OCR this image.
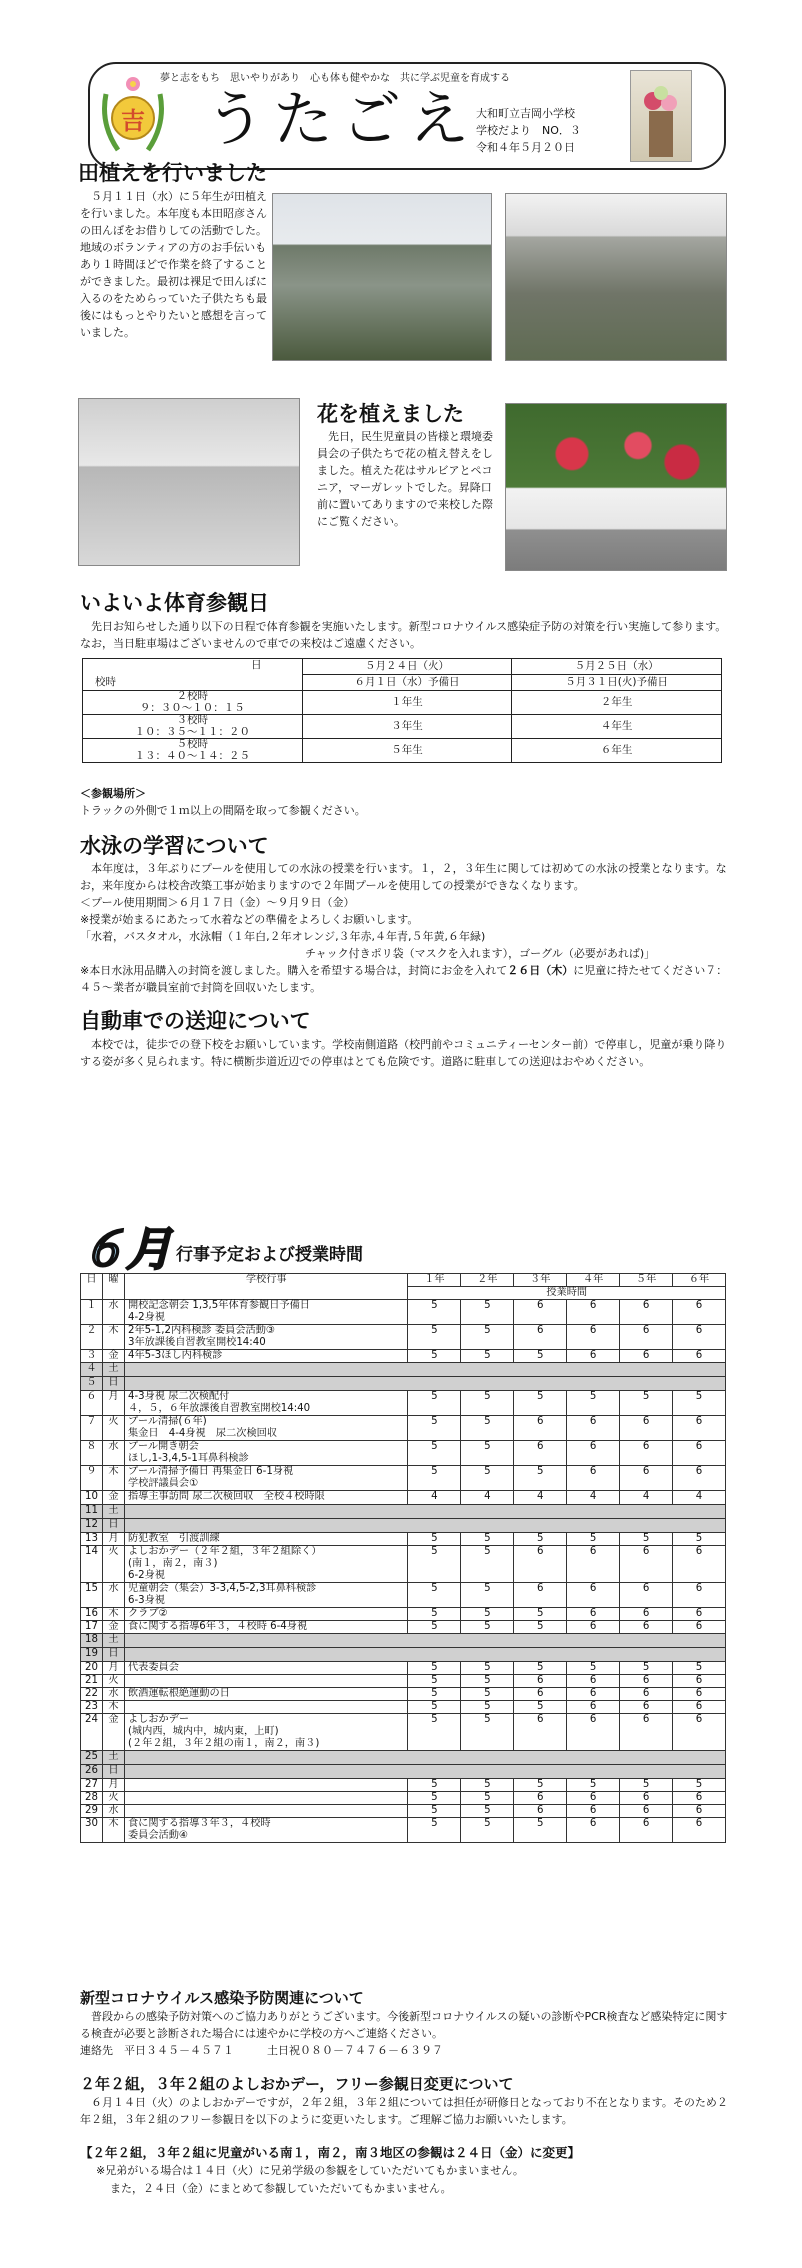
吉
夢と志をもち　思いやりがあり　心も体も健やかな　共に学ぶ児童を育成する
うたごえ 大和町立吉岡小学校
学校だより　NO．３
令和４年５月２０日
田植えを行いました
　５月１１日（水）に５年生が田植えを行いました。本年度も本田昭彦さんの田んぼをお借りしての活動でした。地域のボランティアの方のお手伝いもあり１時間ほどで作業を終了することができました。最初は裸足で田んぼに入るのをためらっていた子供たちも最後にはもっとやりたいと感想を言っていました。
花を植えました
　先日，民生児童員の皆様と環境委員会の子供たちで花の植え替えをしました。植えた花はサルビアとペコニア，マーガレットでした。昇降口前に置いてありますので来校した際にご覧ください。
いよいよ体育参観日
　先日お知らせした通り以下の日程で体育参観を実施いたします。新型コロナウイルス感染症予防の対策を行い実施して参ります。なお，当日駐車場はございませんので車での来校はご遠慮ください。
日
校時	５月２４日（火）	５月２５日（水）
	６月１日（水）予備日	５月３１日(火)予備日

２校時
９：３０～１０：１５	１年生	２年生

３校時
１０：３５～１１：２０	３年生	４年生

５校時
１３：４０～１４：２５	５年生	６年生
＜参観場所＞
トラックの外側で１ｍ以上の間隔を取って参観ください。
水泳の学習について
　本年度は，３年ぶりにプールを使用しての水泳の授業を行います。１，２，３年生に関しては初めての水泳の授業となります。なお，来年度からは校舎改築工事が始まりますので２年間プールを使用しての授業ができなくなります。
＜プール使用期間＞６月１７日（金）～９月９日（金）
※授業が始まるにあたって水着などの準備をよろしくお願いします。
「水着，バスタオル，水泳帽（１年白,２年オレンジ,３年赤,４年青,５年黄,６年緑)
チャック付きポリ袋（マスクを入れます），ゴーグル（必要があれば)」
※本日水泳用品購入の封筒を渡しました。購入を希望する場合は，封筒にお金を入れて２６日（木）に児童に持たせてください７：４５～業者が職員室前で封筒を回収いたします。
自動車での送迎について
　本校では，徒歩での登下校をお願いしています。学校南側道路（校門前やコミュニティーセンター前）で停車し，児童が乗り降りする姿が多く見られます。特に横断歩道近辺での停車はとても危険です。道路に駐車しての送迎はおやめください。
６月 行事予定および授業時間
日	曜	学校行事	１年	２年	３年	４年	５年	６年
			授業時間					
１	水	開校記念朝会 1,3,5年体育参観日予備日
4-2身視	5	5	6	6	6	6
２	木	2年5-1,2内科検診 委員会活動③
3年放課後自習教室開校14:40	5	5	6	6	6	6
３	金	4年5-3ほし内科検診	5	5	5	6	6	6
４	土							
５	日							
６	月	4-3身視 尿二次検配付
４，５，６年放課後自習教室開校14:40	5	5	5	5	5	5
７	火	プール清掃(６年)
集金日　4-4身視　尿二次検回収	5	5	6	6	6	6
８	水	プール開き朝会
ほし,1-3,4,5-1耳鼻科検診	5	5	6	6	6	6
９	木	プール清掃予備日 再集金日 6-1身視
学校評議員会①	5	5	5	6	6	6
10	金	指導主事訪問 尿二次検回収　全校４校時限	4	4	4	4	4	4
11	土							
12	日							
13	月	防犯教室　引渡訓練	5	5	5	5	5	5
14	火	よしおかデー（２年２組，３年２組除く）
(南１，南２，南３)
6-2身視	5	5	6	6	6	6
15	水	児童朝会（集会）3-3,4,5-2,3耳鼻科検診
6-3身視	5	5	6	6	6	6
16	木	クラブ②	5	5	5	6	6	6
17	金	食に関する指導6年３，４校時 6-4身視	5	5	5	6	6	6
18	土							
19	日							
20	月	代表委員会	5	5	5	5	5	5
21	火		5	5	6	6	6	6
22	水	飲酒運転根絶運動の日	5	5	6	6	6	6
23	木		5	5	5	6	6	6
24	金	よしおかデー
(城内西，城内中，城内東，上町)
(２年２組，３年２組の南１，南２，南３)	5	5	6	6	6	6
25	土							
26	日							
27	月		5	5	5	5	5	5
28	火		5	5	6	6	6	6
29	水		5	5	6	6	6	6
30	木	食に関する指導３年３，４校時
委員会活動④	5	5	5	6	6	6
新型コロナウイルス感染予防関連について
　普段からの感染予防対策へのご協力ありがとうございます。今後新型コロナウイルスの疑いの診断やPCR検査など感染特定に関する検査が必要と診断された場合には速やかに学校の方へご連絡ください。
連絡先　平日３４５－４５７１　　　土日祝０８０－７４７６－６３９７
２年２組，３年２組のよしおかデー，フリー参観日変更について
　６月１４日（火）のよしおかデーですが，２年２組，３年２組については担任が研修日となっており不在となります。そのため２年２組，３年２組のフリー参観日を以下のように変更いたします。ご理解ご協力お願いいたします。
【２年２組，３年２組に児童がいる南１，南２，南３地区の参観は２４日（金）に変更】
※兄弟がいる場合は１４日（火）に兄弟学級の参観をしていただいてもかまいません。
また，２４日（金）にまとめて参観していただいてもかまいません。
